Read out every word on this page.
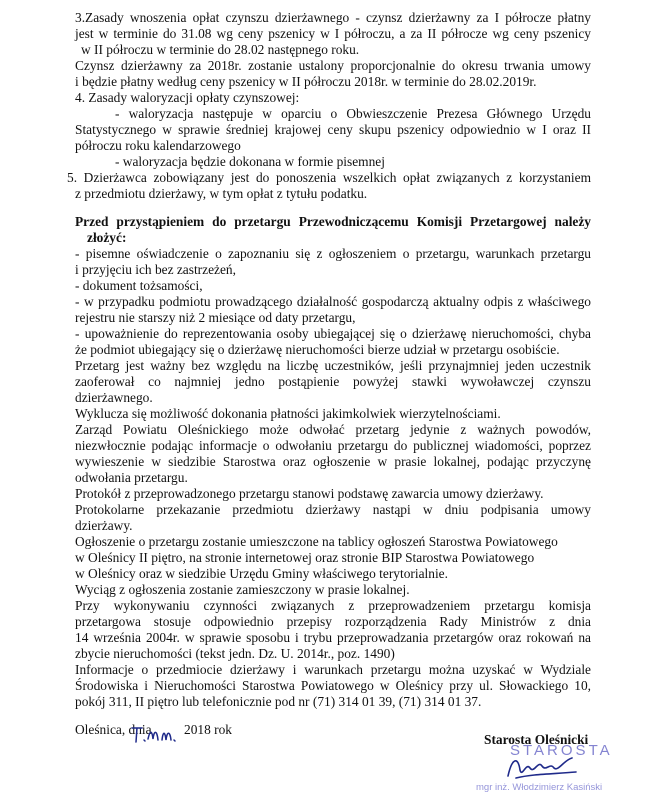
3.Zasady wnoszenia opłat czynszu dzierżawnego - czynsz dzierżawny za I półrocze płatny
jest w terminie do 31.08 wg ceny pszenicy w I półroczu, a za II półrocze wg ceny pszenicy
w II półroczu w terminie do 28.02 następnego roku.
Czynsz dzierżawny za 2018r. zostanie ustalony proporcjonalnie do okresu trwania umowy
i będzie płatny według ceny pszenicy w II półroczu 2018r. w terminie do 28.02.2019r.
4. Zasady waloryzacji opłaty czynszowej:
- waloryzacja następuje w oparciu o Obwieszczenie Prezesa Głównego Urzędu
Statystycznego w sprawie średniej krajowej ceny skupu pszenicy odpowiednio w I oraz II
półroczu roku kalendarzowego
- waloryzacja będzie dokonana w formie pisemnej
5. Dzierżawca zobowiązany jest do ponoszenia wszelkich opłat związanych z korzystaniem
z przedmiotu dzierżawy, w tym opłat z tytułu podatku.
Przed przystąpieniem do przetargu Przewodniczącemu Komisji Przetargowej należy
złożyć:
- pisemne oświadczenie o zapoznaniu się z ogłoszeniem o przetargu, warunkach przetargu
i przyjęciu ich bez zastrzeżeń,
- dokument tożsamości,
- w przypadku podmiotu prowadzącego działalność gospodarczą aktualny odpis z właściwego
rejestru nie starszy niż 2 miesiące od daty przetargu,
- upoważnienie do reprezentowania osoby ubiegającej się o dzierżawę nieruchomości, chyba
że podmiot ubiegający się o dzierżawę nieruchomości bierze udział w przetargu osobiście.
Przetarg jest ważny bez względu na liczbę uczestników, jeśli przynajmniej jeden uczestnik
zaoferował co najmniej jedno postąpienie powyżej stawki wywoławczej czynszu
dzierżawnego.
Wyklucza się możliwość dokonania płatności jakimkolwiek wierzytelnościami.
Zarząd Powiatu Oleśnickiego może odwołać przetarg jedynie z ważnych powodów,
niezwłocznie podając informacje o odwołaniu przetargu do publicznej wiadomości, poprzez
wywieszenie w siedzibie Starostwa oraz ogłoszenie w prasie lokalnej, podając przyczynę
odwołania przetargu.
Protokół z przeprowadzonego przetargu stanowi podstawę zawarcia umowy dzierżawy.
Protokolarne przekazanie przedmiotu dzierżawy nastąpi w dniu podpisania umowy
dzierżawy.
Ogłoszenie o przetargu zostanie umieszczone na tablicy ogłoszeń Starostwa Powiatowego
w Oleśnicy II piętro, na stronie internetowej oraz stronie BIP Starostwa Powiatowego
w Oleśnicy oraz w siedzibie Urzędu Gminy właściwego terytorialnie.
Wyciąg z ogłoszenia zostanie zamieszczony w prasie lokalnej.
Przy wykonywaniu czynności związanych z przeprowadzeniem przetargu komisja
przetargowa stosuje odpowiednio przepisy rozporządzenia Rady Ministrów z dnia
14 września 2004r. w sprawie sposobu i trybu przeprowadzania przetargów oraz rokowań na
zbycie nieruchomości (tekst jedn. Dz. U. 2014r., poz. 1490)
Informacje o przedmiocie dzierżawy i warunkach przetargu można uzyskać w Wydziale
Środowiska i Nieruchomości Starostwa Powiatowego w Oleśnicy przy ul. Słowackiego 10,
pokój 311, II piętro lub telefonicznie pod nr (71) 314 01 39, (71) 314 01 37.
Oleśnica, dnia	2018 rok
STAROSTA
Starosta Oleśnicki
mgr inż. Włodzimierz Kasiński
